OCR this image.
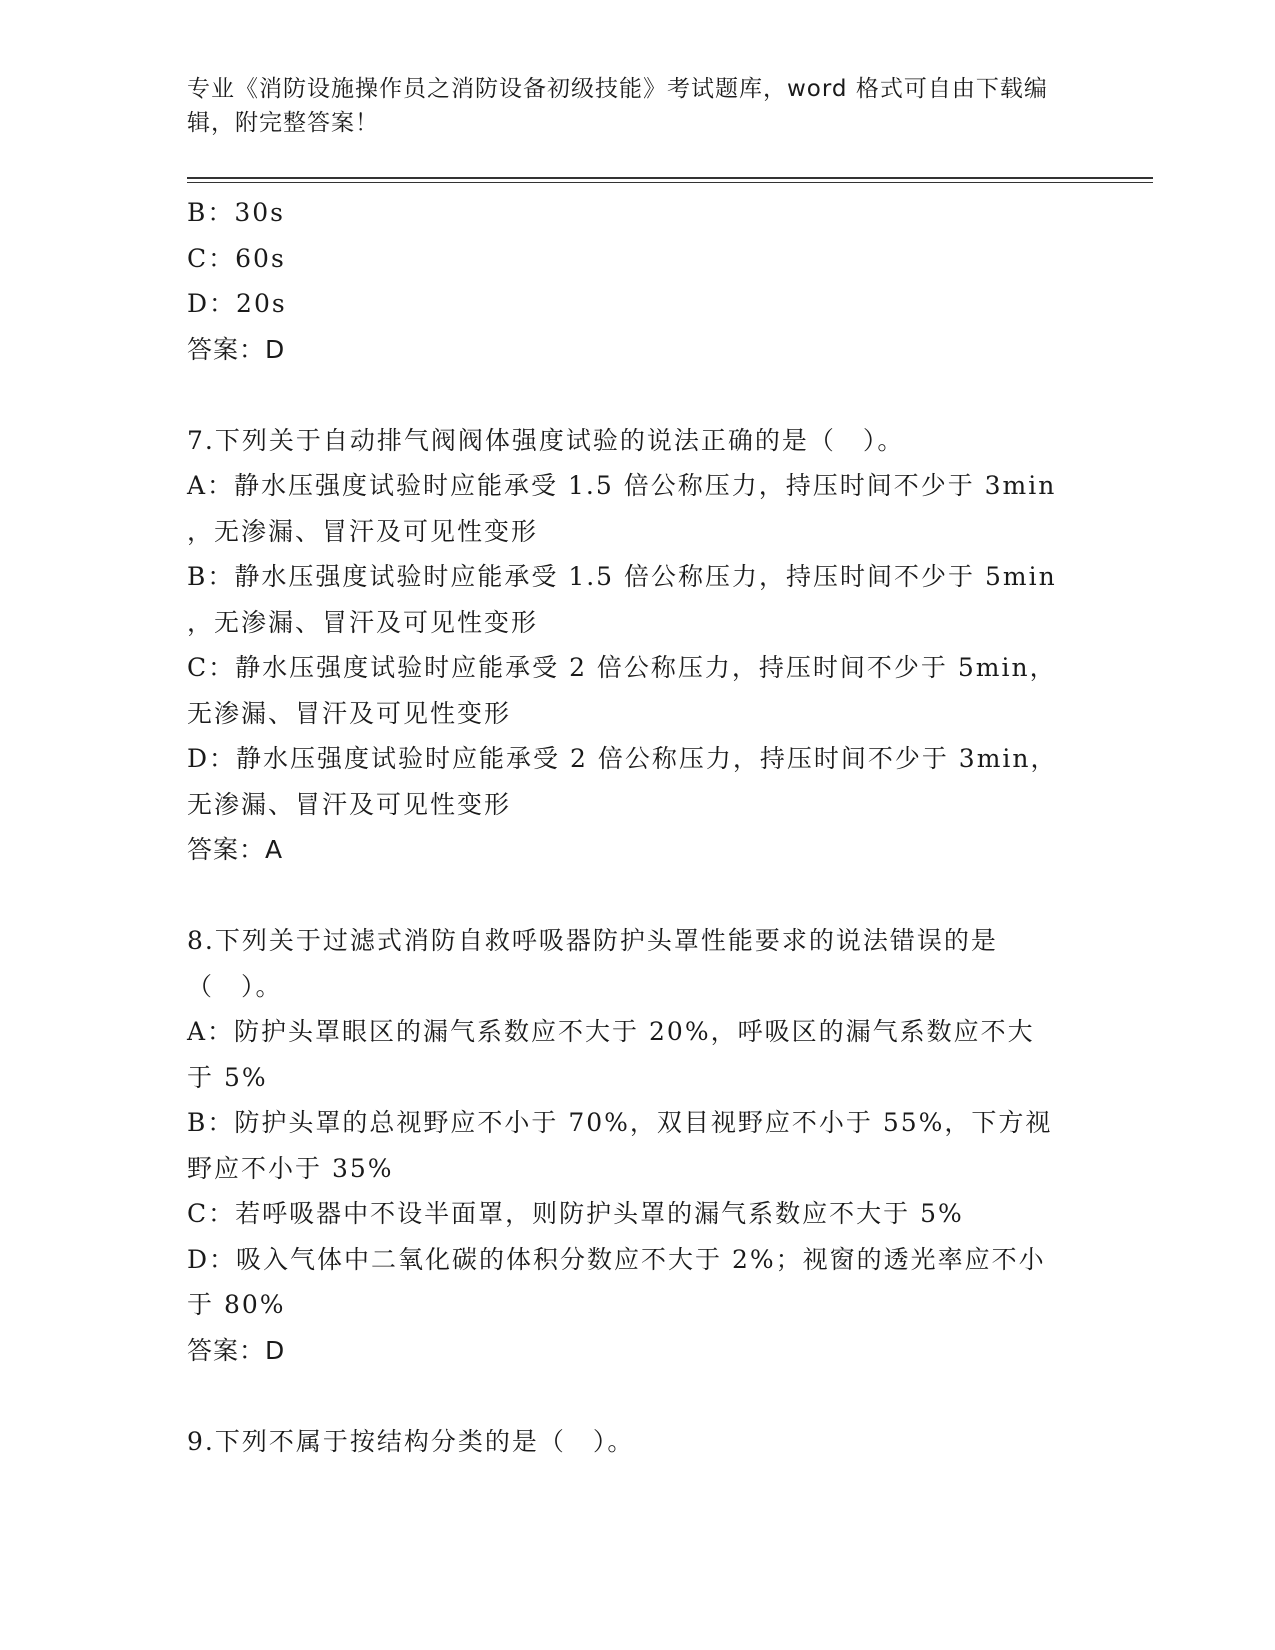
专业《消防设施操作员之消防设备初级技能》考试题库，word 格式可自由下载编
辑，附完整答案！
B：30s
C：60s
D：20s
答案：D
7.下列关于自动排气阀阀体强度试验的说法正确的是（　）。
A：静水压强度试验时应能承受 1.5 倍公称压力，持压时间不少于 3min
，无渗漏、冒汗及可见性变形
B：静水压强度试验时应能承受 1.5 倍公称压力，持压时间不少于 5min
，无渗漏、冒汗及可见性变形
C：静水压强度试验时应能承受 2 倍公称压力，持压时间不少于 5min，
无渗漏、冒汗及可见性变形
D：静水压强度试验时应能承受 2 倍公称压力，持压时间不少于 3min，
无渗漏、冒汗及可见性变形
答案：A
8.下列关于过滤式消防自救呼吸器防护头罩性能要求的说法错误的是
（　）。
A：防护头罩眼区的漏气系数应不大于 20%，呼吸区的漏气系数应不大
于 5%
B：防护头罩的总视野应不小于 70%，双目视野应不小于 55%，下方视
野应不小于 35%
C：若呼吸器中不设半面罩，则防护头罩的漏气系数应不大于 5%
D：吸入气体中二氧化碳的体积分数应不大于 2%；视窗的透光率应不小
于 80%
答案：D
9.下列不属于按结构分类的是（　）。
